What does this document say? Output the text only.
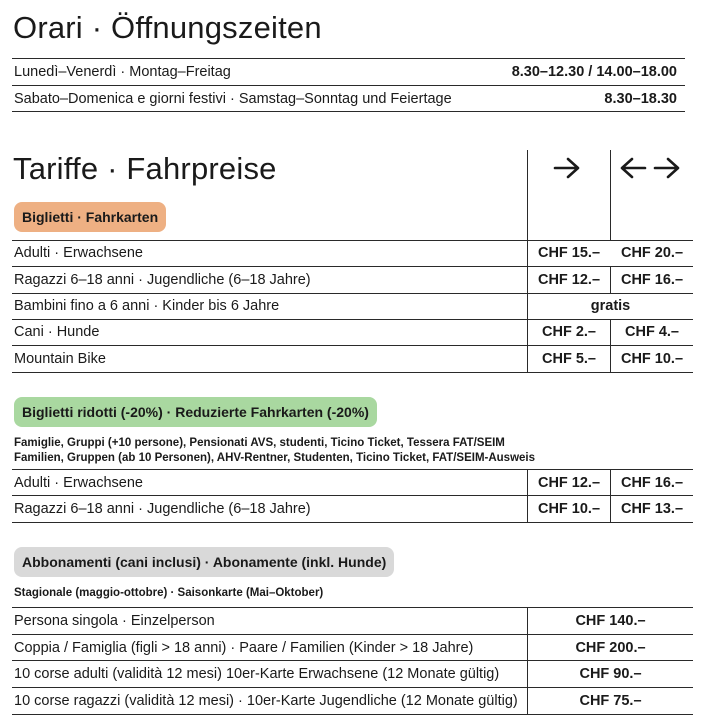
Orari · Öffnungszeiten
Lunedì–Venerdì · Montag–Freitag	8.30–12.30 / 14.00–18.00
Sabato–Domenica e giorni festivi · Samstag–Sonntag und Feiertage	8.30–18.30
Tariffe · Fahrpreise
Biglietti · Fahrkarten
Adulti · Erwachsene	CHF 15.–	CHF 20.–
Ragazzi 6–18 anni · Jugendliche (6–18 Jahre)	CHF 12.–	CHF 16.–
Bambini fino a 6 anni · Kinder bis 6 Jahre	gratis
Cani · Hunde	CHF 2.–	CHF 4.–
Mountain Bike	CHF 5.–	CHF 10.–
Biglietti ridotti (-20%) · Reduzierte Fahrkarten (-20%)
Famiglie, Gruppi (+10 persone), Pensionati AVS, studenti, Ticino Ticket, Tessera FAT/SEIM
Familien, Gruppen (ab 10 Personen), AHV-Rentner, Studenten, Ticino Ticket, FAT/SEIM-Ausweis
Adulti · Erwachsene	CHF 12.–	CHF 16.–
Ragazzi 6–18 anni · Jugendliche (6–18 Jahre)	CHF 10.–	CHF 13.–
Abbonamenti (cani inclusi) · Abonamente (inkl. Hunde)
Stagionale (maggio-ottobre) · Saisonkarte (Mai–Oktober)
Persona singola · Einzelperson	CHF 140.–
Coppia / Famiglia (figli > 18 anni) · Paare / Familien (Kinder > 18 Jahre)	CHF 200.–
10 corse adulti (validità 12 mesi) 10er-Karte Erwachsene (12 Monate gültig)	CHF 90.–
10 corse ragazzi (validità 12 mesi) · 10er-Karte Jugendliche (12 Monate gültig)	CHF 75.–
